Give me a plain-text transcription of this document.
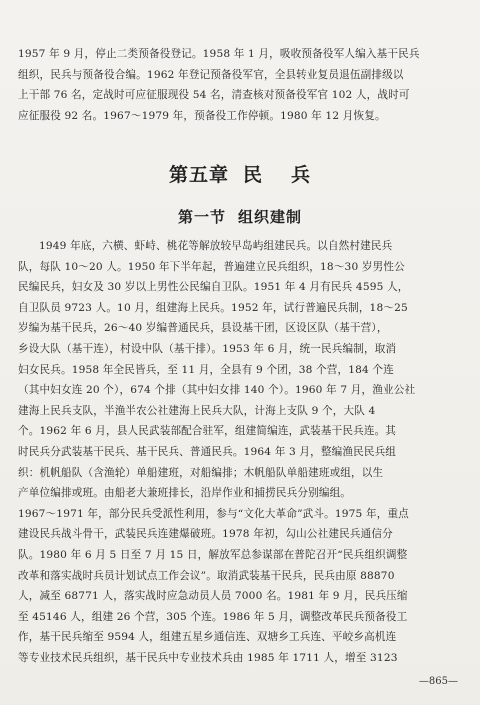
1957 年 9 月，停止二类预备役登记。1958 年 1 月，吸收预备役军人编入基干民兵
组织，民兵与预备役合编。1962 年登记预备役军官，全县转业复员退伍副排级以
上干部 76 名，定战时可应征服现役 54 名，清查核对预备役军官 102 人，战时可
应征服役 92 名。1967～1979 年，预备役工作停顿。1980 年 12 月恢复。

第五章 民 兵
第一节 组织建制

1949 年底，六横、虾峙、桃花等解放较早岛屿组建民兵。以自然村建民兵
队，每队 10～20 人。1950 年下半年起，普遍建立民兵组织，18～30 岁男性公
民编民兵，妇女及 30 岁以上男性公民编自卫队。1951 年 4 月有民兵 4595 人，
自卫队员 9723 人。10 月，组建海上民兵。1952 年，试行普遍民兵制，18～25
岁编为基干民兵，26～40 岁编普通民兵，县设基干团，区设区队（基干营），
乡设大队（基干连），村设中队（基干排）。1953 年 6 月，统一民兵编制，取消
妇女民兵。1958 年全民皆兵，至 11 月，全县有 9 个团，38 个营，184 个连
（其中妇女连 20 个），674 个排（其中妇女排 140 个）。1960 年 7 月，渔业公社
建海上民兵支队，半渔半农公社建海上民兵大队，计海上支队 9 个，大队 4
个。1962 年 6 月，县人民武装部配合驻军，组建简编连，武装基干民兵连。其
时民兵分武装基干民兵、基干民兵、普通民兵。1964 年 3 月，整编渔民民兵组
织：机帆船队（含渔轮）单船建班，对船编排；木帆船队单船建班或组，以生
产单位编排或班。由船老大兼班排长，沿岸作业和捕捞民兵分别编组。
1967～1971 年，部分民兵受派性利用，参与“文化大革命”武斗。1975 年，重点
建设民兵战斗骨干，武装民兵连建爆破班。1978 年初，勾山公社建民兵通信分
队。1980 年 6 月 5 日至 7 月 15 日，解放军总参谋部在普陀召开“民兵组织调整
改革和落实战时兵员计划试点工作会议”。取消武装基干民兵，民兵由原 88870
人，减至 68771 人，落实战时应急动员人员 7000 名。1981 年 9 月，民兵压缩
至 45146 人，组建 26 个营，305 个连。1986 年 5 月，调整改革民兵预备役工
作，基干民兵缩至 9594 人，组建五星乡通信连、双塘乡工兵连、平峧乡高机连
等专业技术民兵组织，基干民兵中专业技术兵由 1985 年 1711 人，增至 3123

—865—
